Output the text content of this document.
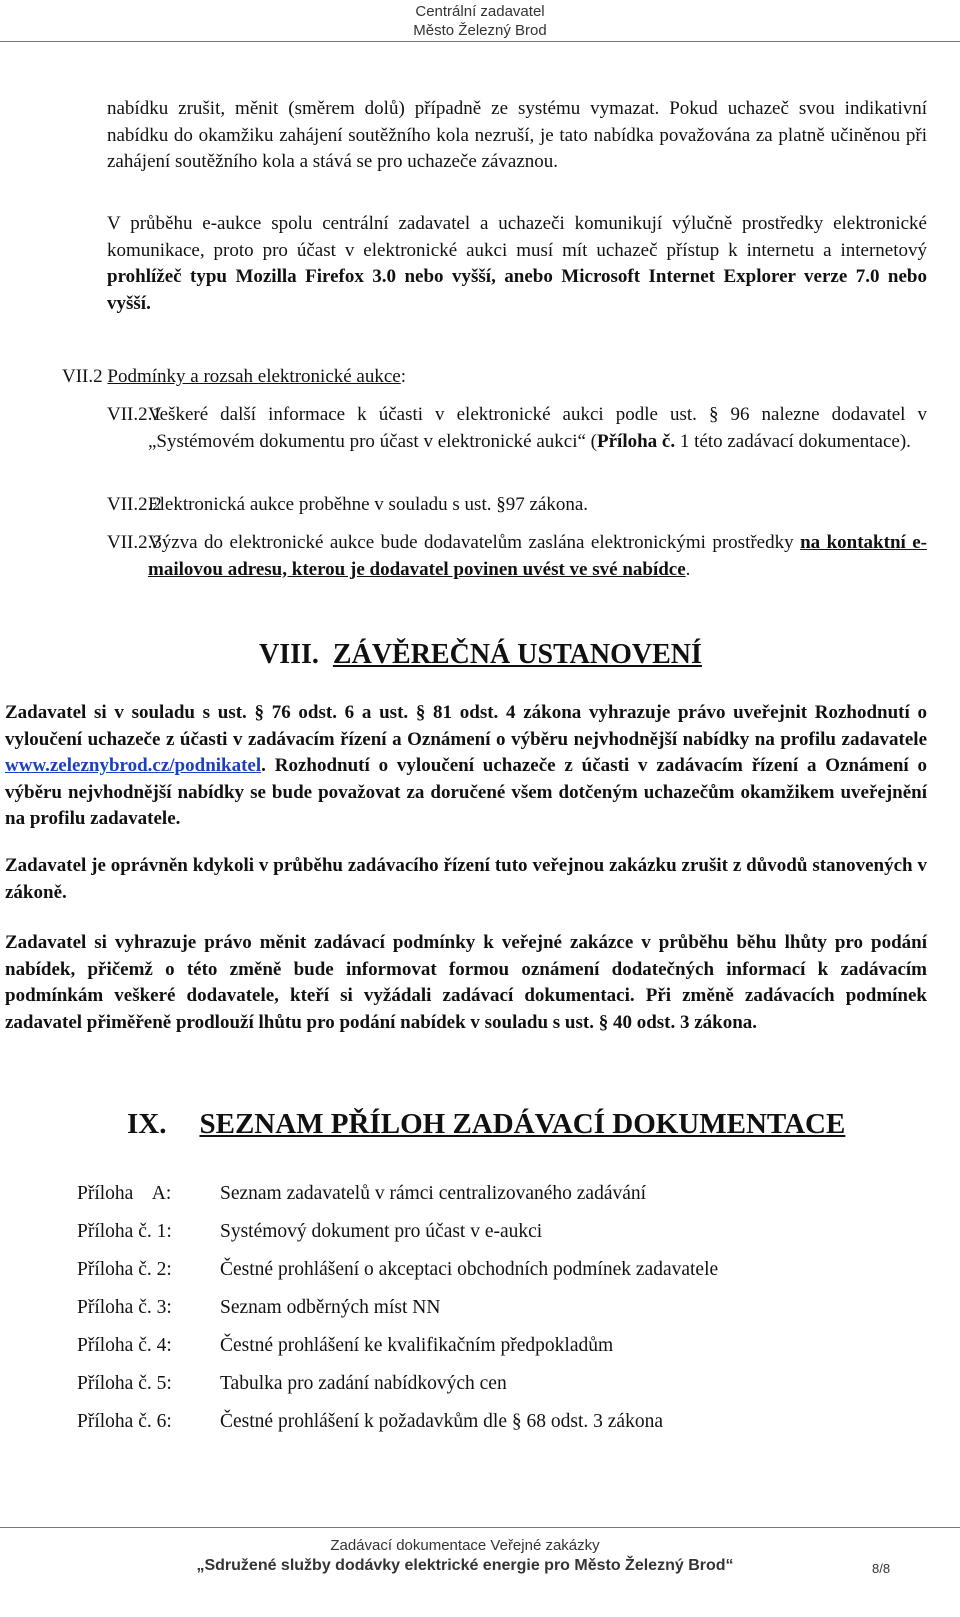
Centrální zadavatel
Město Železný Brod
nabídku zrušit, měnit (směrem dolů) případně ze systému vymazat. Pokud uchazeč svou indikativní nabídku do okamžiku zahájení soutěžního kola nezruší, je tato nabídka považována za platně učiněnou při zahájení soutěžního kola a stává se pro uchazeče závaznou.
V průběhu e-aukce spolu centrální zadavatel a uchazeči komunikují výlučně prostředky elektronické komunikace, proto pro účast v elektronické aukci musí mít uchazeč přístup k internetu a internetový prohlížeč typu Mozilla Firefox 3.0 nebo vyšší, anebo Microsoft Internet Explorer verze 7.0 nebo vyšší.
VII.2 Podmínky a rozsah elektronické aukce:
VII.2.1
Veškeré další informace k účasti v elektronické aukci podle ust. § 96 nalezne dodavatel v „Systémovém dokumentu pro účast v elektronické aukci“ (Příloha č. 1 této zadávací dokumentace).
VII.2.2
Elektronická aukce proběhne v souladu s ust. §97 zákona.
VII.2.3
Výzva do elektronické aukce bude dodavatelům zaslána elektronickými prostředky na kontaktní e-mailovou adresu, kterou je dodavatel povinen uvést ve své nabídce.
VIII. ZÁVĚREČNÁ USTANOVENÍ
Zadavatel si v souladu s ust. § 76 odst. 6 a ust. § 81 odst. 4 zákona vyhrazuje právo uveřejnit Rozhodnutí o vyloučení uchazeče z účasti v zadávacím řízení a Oznámení o výběru nejvhodnější nabídky na profilu zadavatele www.zeleznybrod.cz/podnikatel. Rozhodnutí o vyloučení uchazeče z účasti v zadávacím řízení a Oznámení o výběru nejvhodnější nabídky se bude považovat za doručené všem dotčeným uchazečům okamžikem uveřejnění na profilu zadavatele.
Zadavatel je oprávněn kdykoli v průběhu zadávacího řízení tuto veřejnou zakázku zrušit z důvodů stanovených v zákoně.
Zadavatel si vyhrazuje právo měnit zadávací podmínky k veřejné zakázce v průběhu běhu lhůty pro podání nabídek, přičemž o této změně bude informovat formou oznámení dodatečných informací k zadávacím podmínkám veškeré dodavatele, kteří si vyžádali zadávací dokumentaci. Při změně zadávacích podmínek zadavatel přiměřeně prodlouží lhůtu pro podání nabídek v souladu s ust. § 40 odst. 3 zákona.
IX. SEZNAM PŘÍLOH ZADÁVACÍ DOKUMENTACE
Příloha    A: Seznam zadavatelů v rámci centralizovaného zadávání
Příloha č. 1: Systémový dokument pro účast v e-aukci
Příloha č. 2: Čestné prohlášení o akceptaci obchodních podmínek zadavatele
Příloha č. 3: Seznam odběrných míst NN
Příloha č. 4: Čestné prohlášení ke kvalifikačním předpokladům
Příloha č. 5: Tabulka pro zadání nabídkových cen
Příloha č. 6: Čestné prohlášení k požadavkům dle § 68 odst. 3 zákona
Zadávací dokumentace Veřejné zakázky
„Sdružené služby dodávky elektrické energie pro Město Železný Brod“	8/8
